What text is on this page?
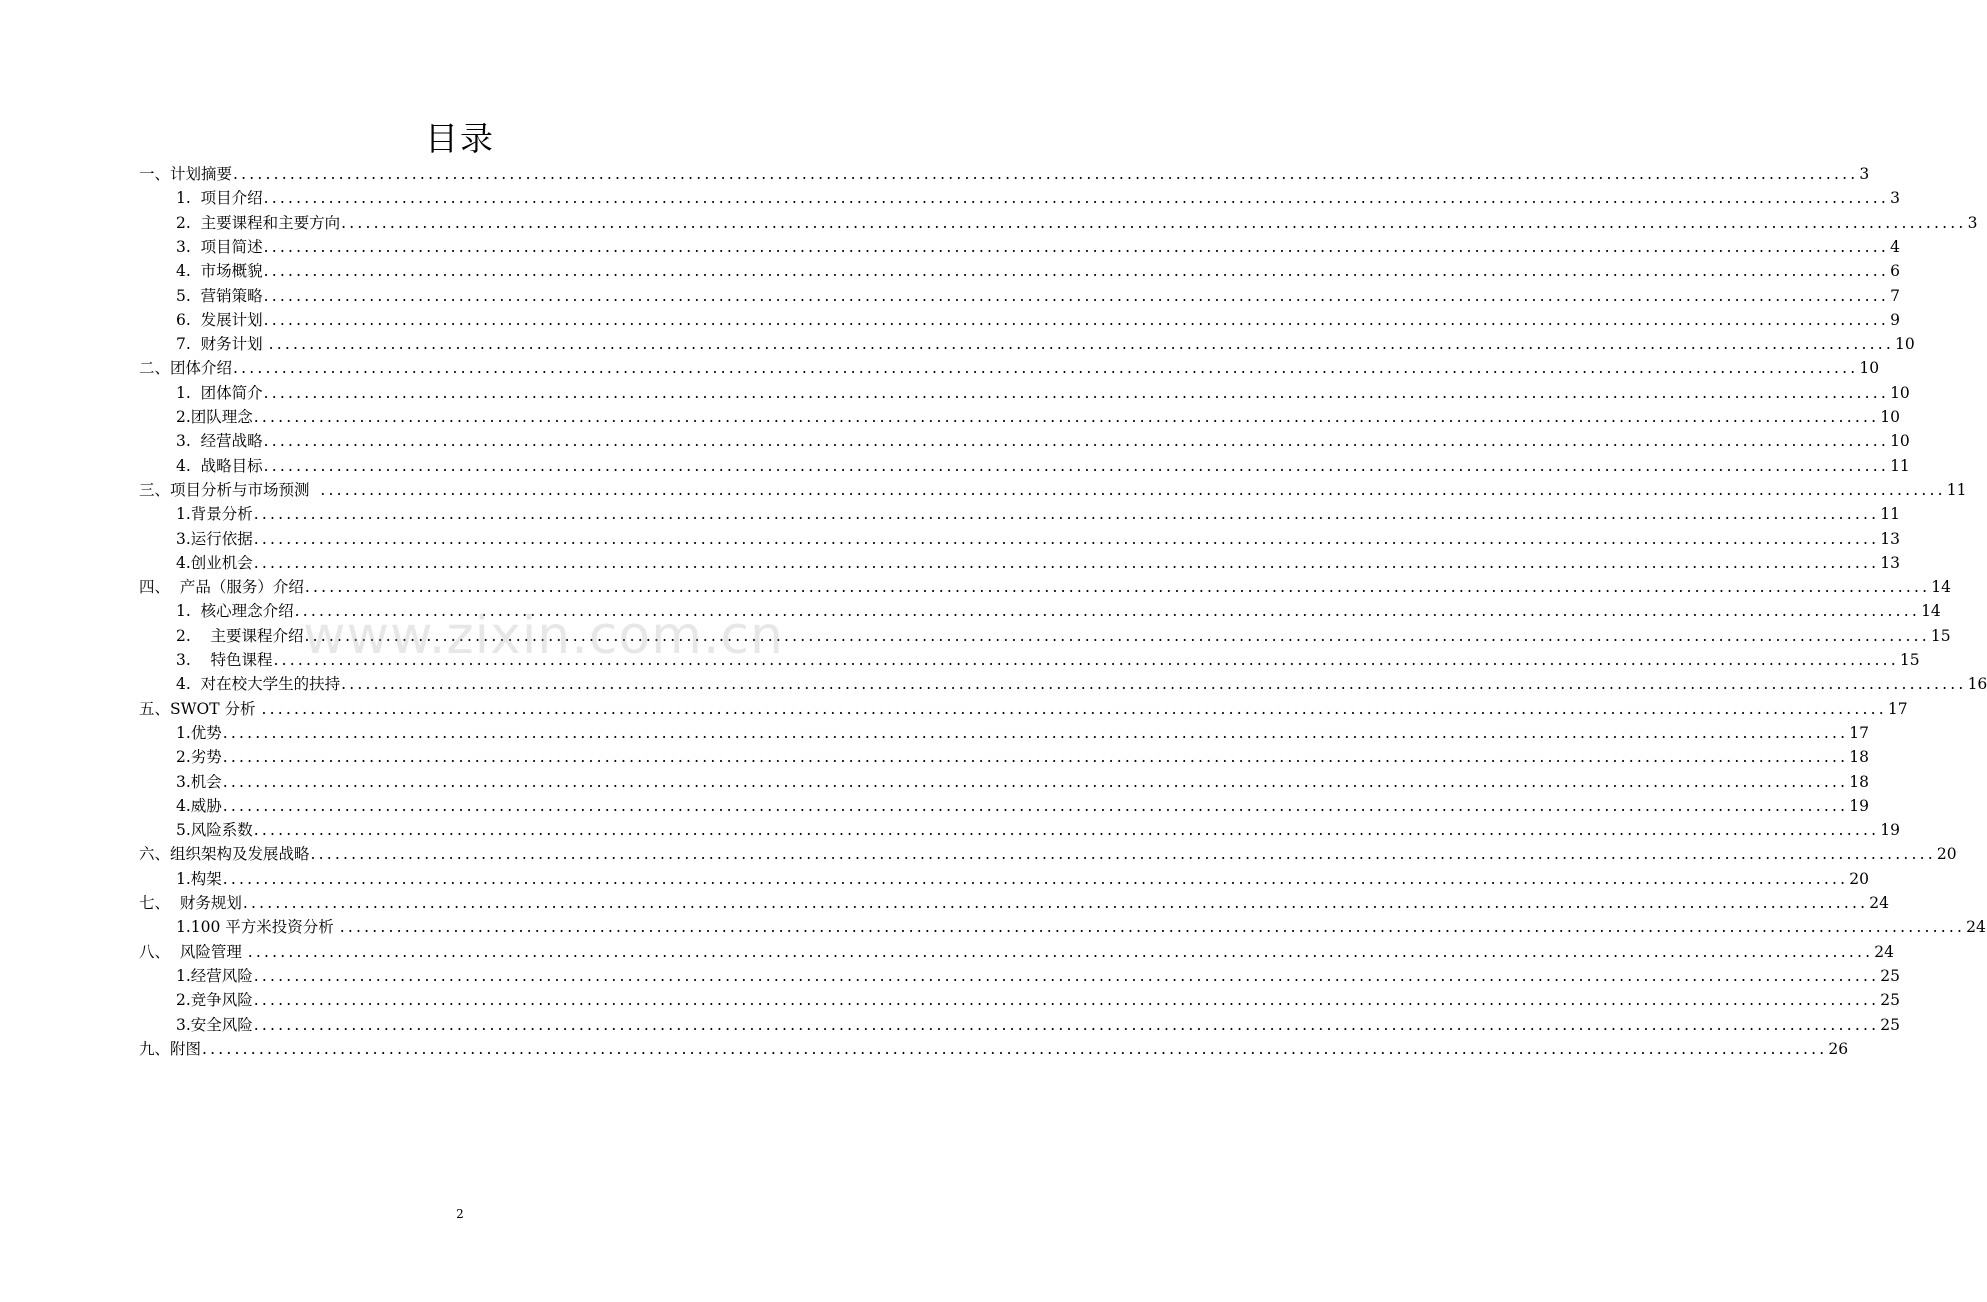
目录
一、计划摘要 ........................................................................................................................................................................................................ 3
1.  项目介绍 ........................................................................................................................................................................................................ 3
2.  主要课程和主要方向 ........................................................................................................................................................................................................ 3
3.  项目简述 ........................................................................................................................................................................................................ 4
4.  市场概貌 ........................................................................................................................................................................................................ 6
5.  营销策略 ........................................................................................................................................................................................................ 7
6.  发展计划 ........................................................................................................................................................................................................ 9
7.  财务计划 ........................................................................................................................................................................................................ 10
二、团体介绍 ........................................................................................................................................................................................................ 10
1.  团体简介 ........................................................................................................................................................................................................ 10
2.团队理念 ........................................................................................................................................................................................................ 10
3.  经营战略 ........................................................................................................................................................................................................ 10
4.  战略目标 ........................................................................................................................................................................................................ 11
三、项目分析与市场预测 ........................................................................................................................................................................................................ 11
1.背景分析 ........................................................................................................................................................................................................ 11
3.运行依据 ........................................................................................................................................................................................................ 13
4.创业机会 ........................................................................................................................................................................................................ 13
四、  产品（服务）介绍 ........................................................................................................................................................................................................ 14
1.  核心理念介绍 ........................................................................................................................................................................................................ 14
2.    主要课程介绍 ........................................................................................................................................................................................................ 15
3.    特色课程 ........................................................................................................................................................................................................ 15
4.  对在校大学生的扶持 ........................................................................................................................................................................................................ 16
五、SWOT 分析 ........................................................................................................................................................................................................ 17
1.优势 ........................................................................................................................................................................................................ 17
2.劣势 ........................................................................................................................................................................................................ 18
3.机会 ........................................................................................................................................................................................................ 18
4.威胁 ........................................................................................................................................................................................................ 19
5.风险系数 ........................................................................................................................................................................................................ 19
六、组织架构及发展战略 ........................................................................................................................................................................................................ 20
1.构架 ........................................................................................................................................................................................................ 20
七、  财务规划 ........................................................................................................................................................................................................ 24
1.100 平方米投资分析 ........................................................................................................................................................................................................ 24
八、  风险管理 ........................................................................................................................................................................................................ 24
1.经营风险 ........................................................................................................................................................................................................ 25
2.竞争风险 ........................................................................................................................................................................................................ 25
3.安全风险 ........................................................................................................................................................................................................ 25
九、附图 ........................................................................................................................................................................................................ 26
www.zixin.com.cn
2
